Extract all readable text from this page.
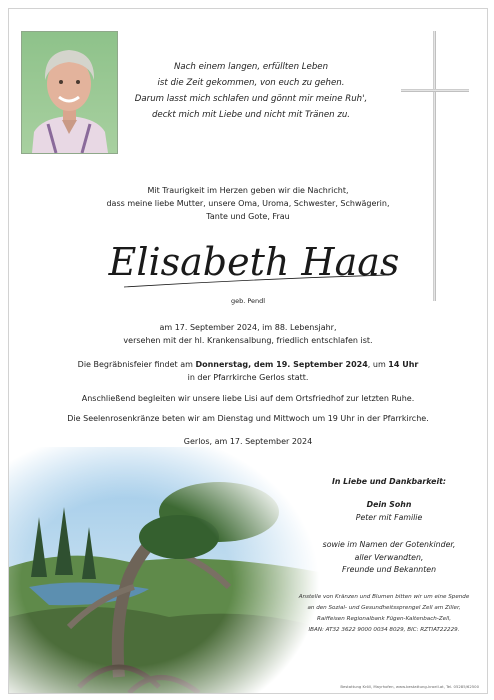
Nach einem langen, erfüllten Leben
ist die Zeit gekommen, von euch zu gehen.
Darum lasst mich schlafen und gönnt mir meine Ruh',
deckt mich mit Liebe und nicht mit Tränen zu.
Mit Traurigkeit im Herzen geben wir die Nachricht,
dass meine liebe Mutter, unsere Oma, Uroma, Schwester, Schwägerin,
Tante und Gote, Frau
Elisabeth Haas
geb. Pendl
am 17. September 2024, im 88. Lebensjahr,
versehen mit der hl. Krankensalbung, friedlich entschlafen ist.
Die Begräbnisfeier findet am Donnerstag, dem 19. September 2024, um 14 Uhr
in der Pfarrkirche Gerlos statt.
Anschließend begleiten wir unsere liebe Lisi auf dem Ortsfriedhof zur letzten Ruhe.
Die Seelenrosenkränze beten wir am Dienstag und Mittwoch um 19 Uhr in der Pfarrkirche.
Gerlos, am 17. September 2024
In Liebe und Dankbarkeit:
Dein Sohn
Peter mit Familie
sowie im Namen der Gotenkinder,
aller Verwandten,
Freunde und Bekannten
Anstelle von Kränzen und Blumen bitten wir um eine Spende
an den Sozial- und Gesundheitssprengel Zell am Ziller,
Raiffeisen Regionalbank Fügen-Kaltenbach-Zell,
IBAN: AT32 3622 9000 0034 8029, BIC: RZTIAT22229.
Bestattung Kröll, Mayrhofen, www.bestattung-kroell.at, Tel. 05285/62500
